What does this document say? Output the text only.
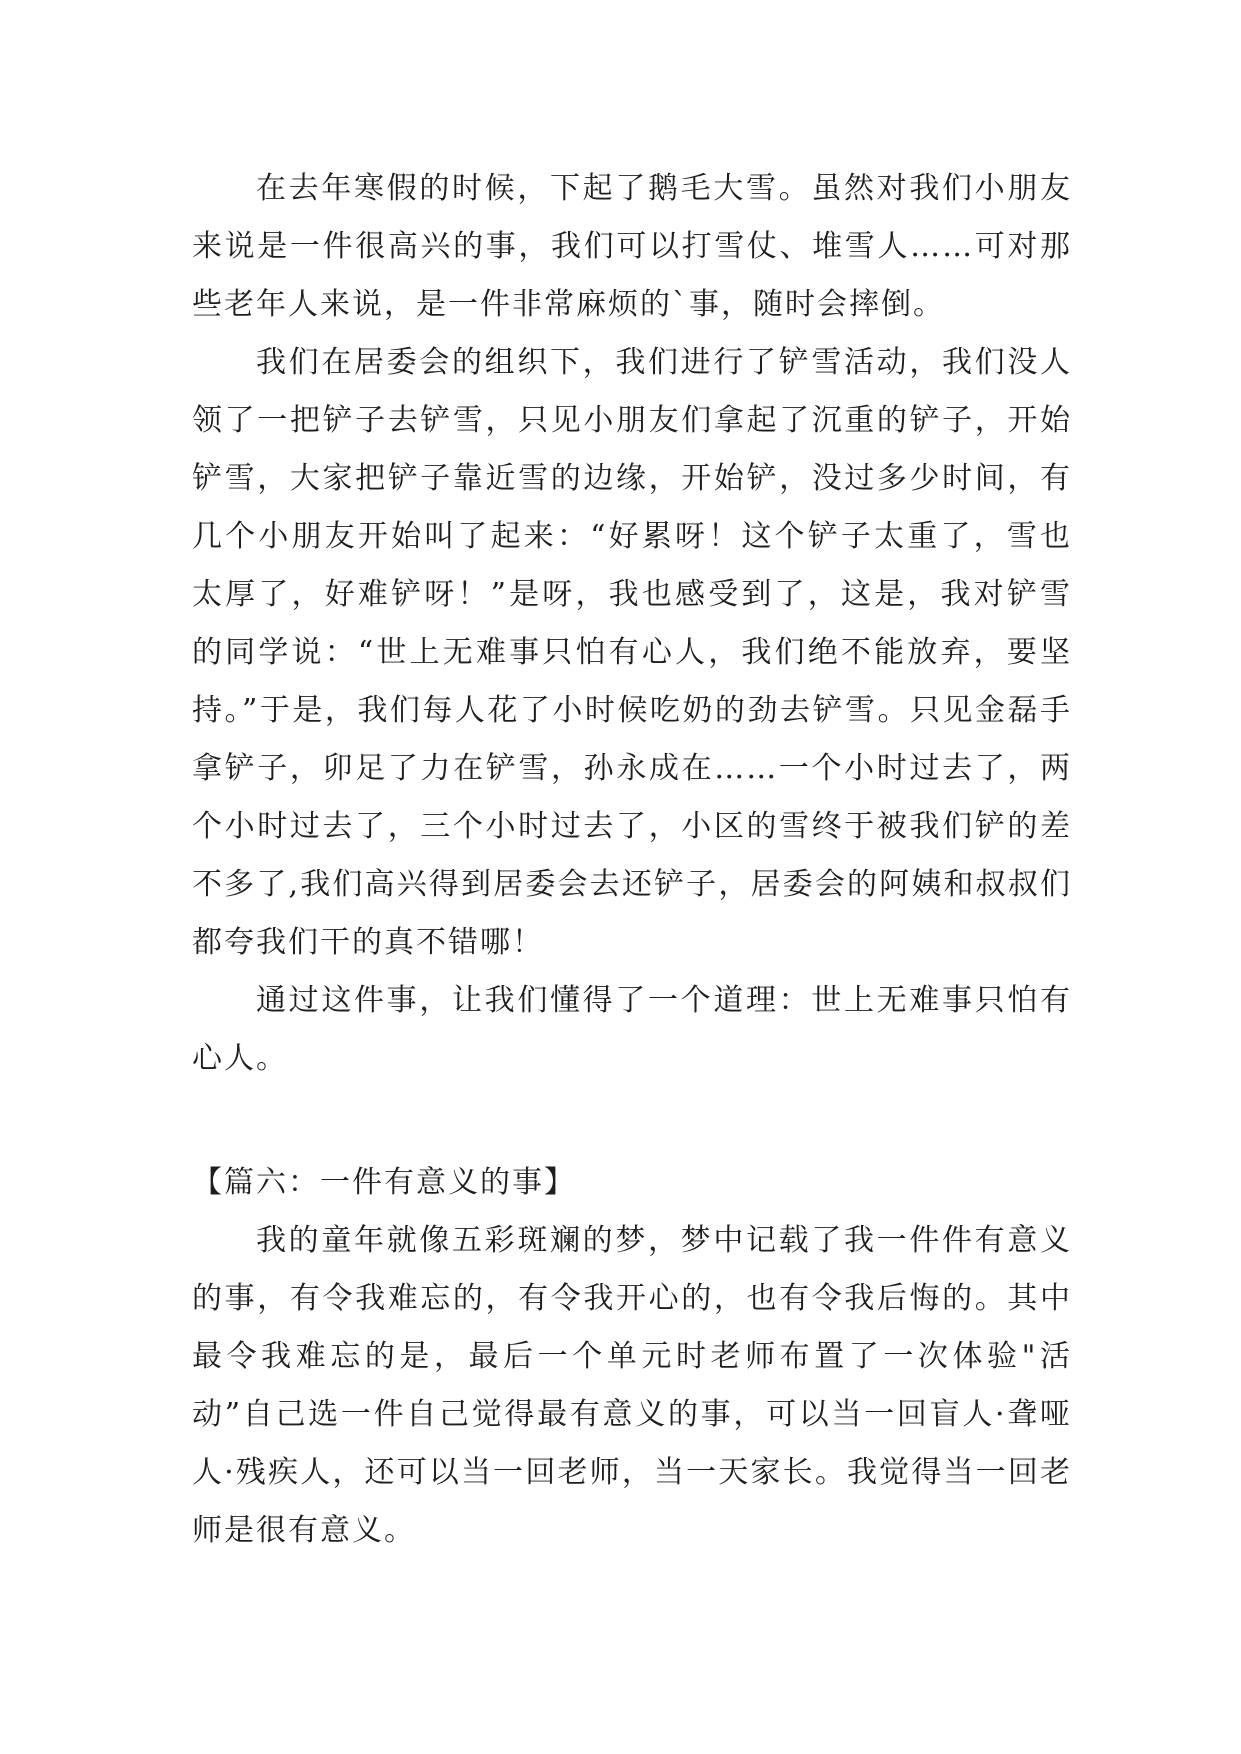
在去年寒假的时候，下起了鹅毛大雪。虽然对我们小朋友来说是一件很高兴的事，我们可以打雪仗、堆雪人……可对那些老年人来说，是一件非常麻烦的`事，随时会摔倒。

我们在居委会的组织下，我们进行了铲雪活动，我们没人领了一把铲子去铲雪，只见小朋友们拿起了沉重的铲子，开始铲雪，大家把铲子靠近雪的边缘，开始铲，没过多少时间，有几个小朋友开始叫了起来：“好累呀！这个铲子太重了，雪也太厚了，好难铲呀！”是呀，我也感受到了，这是，我对铲雪的同学说：“世上无难事只怕有心人，我们绝不能放弃，要坚持。”于是，我们每人花了小时候吃奶的劲去铲雪。只见金磊手拿铲子，卯足了力在铲雪，孙永成在……一个小时过去了，两个小时过去了，三个小时过去了，小区的雪终于被我们铲的差不多了,我们高兴得到居委会去还铲子，居委会的阿姨和叔叔们都夸我们干的真不错哪！

通过这件事，让我们懂得了一个道理：世上无难事只怕有心人。

【篇六：一件有意义的事】

我的童年就像五彩斑斓的梦，梦中记载了我一件件有意义的事，有令我难忘的，有令我开心的，也有令我后悔的。其中最令我难忘的是，最后一个单元时老师布置了一次体验"活动”自己选一件自己觉得最有意义的事，可以当一回盲人·聋哑人·残疾人，还可以当一回老师，当一天家长。我觉得当一回老师是很有意义。
